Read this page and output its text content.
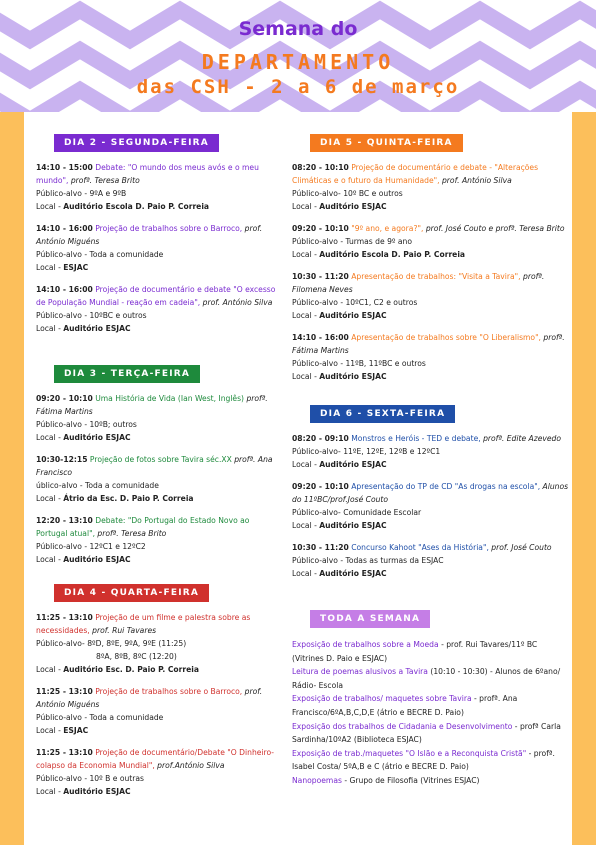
Semana do
DEPARTAMENTO
das CSH - 2 a 6 de março
DIA 2 - SEGUNDA-FEIRA

14:10 - 15:00 Debate: "O mundo dos meus avós e o meu mundo", profª. Teresa Brito

Público-alvo - 9ºA e 9ºB

Local - Auditório Escola D. Paio P. Correia

14:10 - 16:00 Projeção de trabalhos sobre o Barroco, prof. António Miguéns

Público-alvo - Toda a comunidade

Local - ESJAC

14:10 - 16:00 Projeção de documentário e debate "O excesso de População Mundial - reação em cadeia", prof. António Silva

Público-alvo - 10ºBC e outros

Local - Auditório ESJAC

DIA 3 - TERÇA-FEIRA

09:20 - 10:10 Uma História de Vida (Ian West, Inglês) profª. Fátima Martins

Público-alvo - 10ºB; outros

Local - Auditório ESJAC

10:30-12:15 Projeção de fotos sobre Tavira séc.XX profª. Ana Francisco

úblico-alvo - Toda a comunidade

Local - Átrio da Esc. D. Paio P. Correia

12:20 - 13:10 Debate: "Do Portugal do Estado Novo ao Portugal atual", profª. Teresa Brito

Público-alvo - 12ºC1 e 12ºC2

Local - Auditório ESJAC

DIA 4 - QUARTA-FEIRA

11:25 - 13:10 Projeção de um filme e palestra sobre as necessidades, prof. Rui Tavares

Público-alvo- 8ºD, 8ºE, 9ºA, 9ºE (11:25)

8ºA, 8ºB, 8ºC (12:20)

Local - Auditório Esc. D. Paio P. Correia

11:25 - 13:10 Projeção de trabalhos sobre o Barroco, prof. António Miguéns

Público-alvo - Toda a comunidade

Local - ESJAC

11:25 - 13:10 Projeção de documentário/Debate "O Dinheiro-colapso da Economia Mundial", prof.António Silva

Público-alvo - 10º B e outras

Local - Auditório ESJAC

DIA 5 - QUINTA-FEIRA

08:20 - 10:10 Projeção de documentário e debate - "Alterações Climáticas e o futuro da Humanidade", prof. António Silva

Público-alvo- 10º BC e outros

Local - Auditório ESJAC

09:20 - 10:10 "9º ano, e agora?", prof. José Couto e profª. Teresa Brito

Público-alvo - Turmas de 9º ano

Local - Auditório Escola D. Paio P. Correia

10:30 - 11:20 Apresentação de trabalhos: "Visita a Tavira", profª. Filomena Neves

Público-alvo - 10ºC1, C2 e outros

Local - Auditório ESJAC

14:10 - 16:00 Apresentação de trabalhos sobre "O Liberalismo", profª. Fátima Martins

Público-alvo - 11ºB, 11ºBC e outros

Local - Auditório ESJAC

DIA 6 - SEXTA-FEIRA

08:20 - 09:10 Monstros e Heróis - TED e debate, profª. Edite Azevedo

Público-alvo- 11ºE, 12ºE, 12ºB e 12ºC1

Local - Auditório ESJAC

09:20 - 10:10 Apresentação do TP de CD "As drogas na escola", Alunos do 11ºBC/prof.José Couto

Público-alvo- Comunidade Escolar

Local - Auditório ESJAC

10:30 - 11:20 Concurso Kahoot "Ases da História", prof. José Couto

Público-alvo - Todas as turmas da ESJAC

Local - Auditório ESJAC

TODA A SEMANA

Exposição de trabalhos sobre a Moeda - prof. Rui Tavares/11º BC (Vitrines D. Paio e ESJAC)

Leitura de poemas alusivos a Tavira (10:10 - 10:30) - Alunos de 6ºano/ Rádio- Escola

Exposição de trabalhos/ maquetes sobre Tavira - profª. Ana Francisco/6ºA,B,C,D,E (átrio e BECRE D. Paio)

Exposição dos trabalhos de Cidadania e Desenvolvimento - profª Carla Sardinha/10ºA2 (Biblioteca ESJAC)

Exposição de trab./maquetes "O Islão e a Reconquista Cristã" - profª. Isabel Costa/ 5ºA,B e C (átrio e BECRE D. Paio)

Nanopoemas - Grupo de Filosofia (Vitrines ESJAC)
